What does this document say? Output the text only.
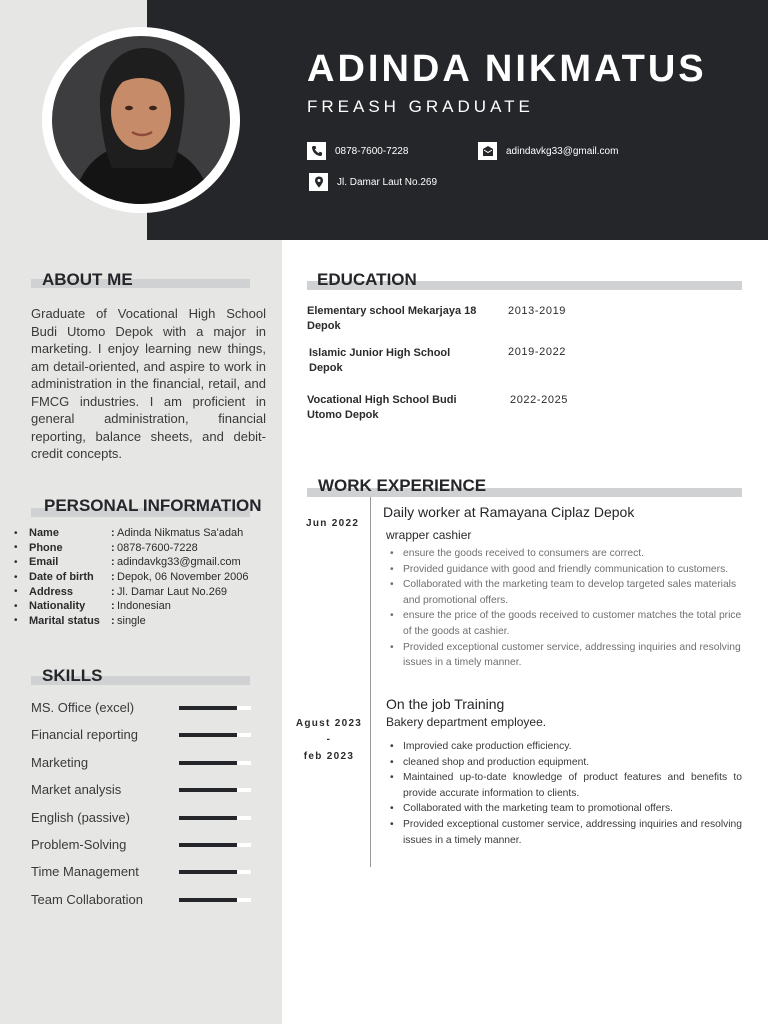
ADINDA NIKMATUS
FREASH GRADUATE
0878-7600-7228	adindavkg33@gmail.com
Jl. Damar Laut No.269
ABOUT ME
Graduate of Vocational High School Budi Utomo Depok with a major in marketing. I enjoy learning new things, am detail-oriented, and aspire to work in administration in the financial, retail, and FMCG industries. I am proficient in general administration, financial reporting, balance sheets, and debit-credit concepts.
PERSONAL INFORMATION
•	Name	: Adinda Nikmatus Sa'adah
•	Phone	: 0878-7600-7228
•	Email	: adindavkg33@gmail.com
•	Date of birth	: Depok, 06 November 2006
•	Address	: Jl. Damar Laut No.269
•	Nationality	: Indonesian
•	Marital status	: single
SKILLS
MS. Office (excel)
Financial reporting
Marketing
Market analysis
English (passive)
Problem-Solving
Time Management
Team Collaboration
EDUCATION
Elementary school Mekarjaya 18 Depok
2013-2019
Islamic Junior High School Depok
2019-2022
Vocational High School Budi Utomo Depok
2022-2025
WORK EXPERIENCE
Jun 2022
Daily worker at Ramayana Ciplaz Depok
wrapper cashier
• ensure the goods received to consumers are correct.
• Provided guidance with good and friendly communication to customers.
• Collaborated with the marketing team to develop targeted sales materials and promotional offers.
• ensure the price of the goods received to customer matches the total price of the goods at cashier.
• Provided exceptional customer service, addressing inquiries and resolving issues in a timely manner.
Agust 2023
-
feb 2023
On the job Training
Bakery department employee.
• Improvied cake production efficiency.
• cleaned shop and production equipment.
• Maintained up-to-date knowledge of product features and benefits to provide accurate information to clients.
• Collaborated with the marketing team to promotional offers.
• Provided exceptional customer service, addressing inquiries and resolving issues in a timely manner.
